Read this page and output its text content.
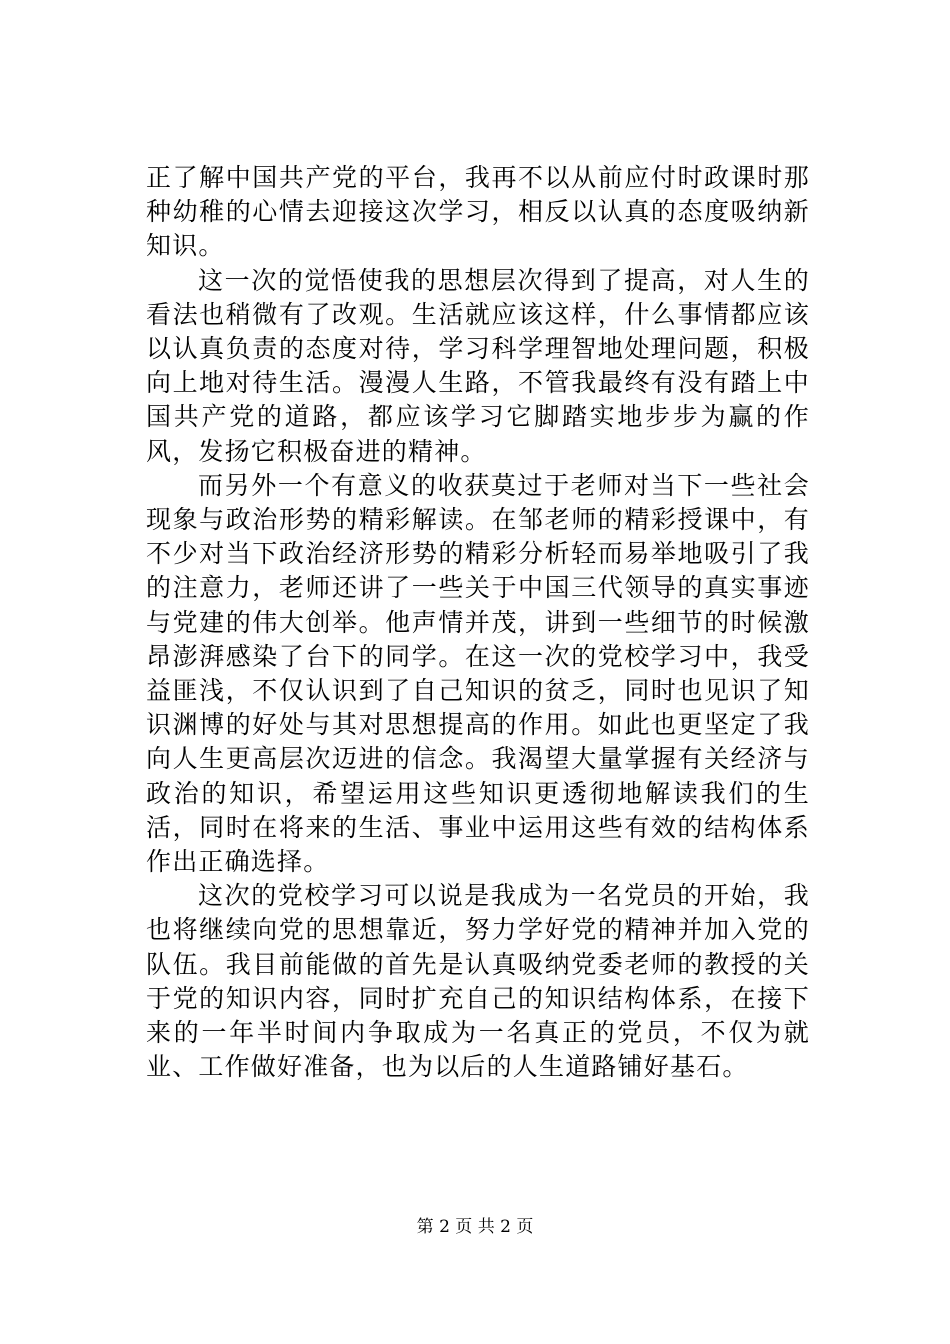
正了解中国共产党的平台，我再不以从前应付时政课时那种幼稚的心情去迎接这次学习，相反以认真的态度吸纳新知识。

这一次的觉悟使我的思想层次得到了提高，对人生的看法也稍微有了改观。生活就应该这样，什么事情都应该以认真负责的态度对待，学习科学理智地处理问题，积极向上地对待生活。漫漫人生路，不管我最终有没有踏上中国共产党的道路，都应该学习它脚踏实地步步为赢的作风，发扬它积极奋进的精神。

而另外一个有意义的收获莫过于老师对当下一些社会现象与政治形势的精彩解读。在邹老师的精彩授课中，有不少对当下政治经济形势的精彩分析轻而易举地吸引了我的注意力，老师还讲了一些关于中国三代领导的真实事迹与党建的伟大创举。他声情并茂，讲到一些细节的时候激昂澎湃感染了台下的同学。在这一次的党校学习中，我受益匪浅，不仅认识到了自己知识的贫乏，同时也见识了知识渊博的好处与其对思想提高的作用。如此也更坚定了我向人生更高层次迈进的信念。我渴望大量掌握有关经济与政治的知识，希望运用这些知识更透彻地解读我们的生活，同时在将来的生活、事业中运用这些有效的结构体系作出正确选择。

这次的党校学习可以说是我成为一名党员的开始，我也将继续向党的思想靠近，努力学好党的精神并加入党的队伍。我目前能做的首先是认真吸纳党委老师的教授的关于党的知识内容，同时扩充自己的知识结构体系，在接下来的一年半时间内争取成为一名真正的党员，不仅为就业、工作做好准备，也为以后的人生道路铺好基石。

第 2 页 共 2 页
